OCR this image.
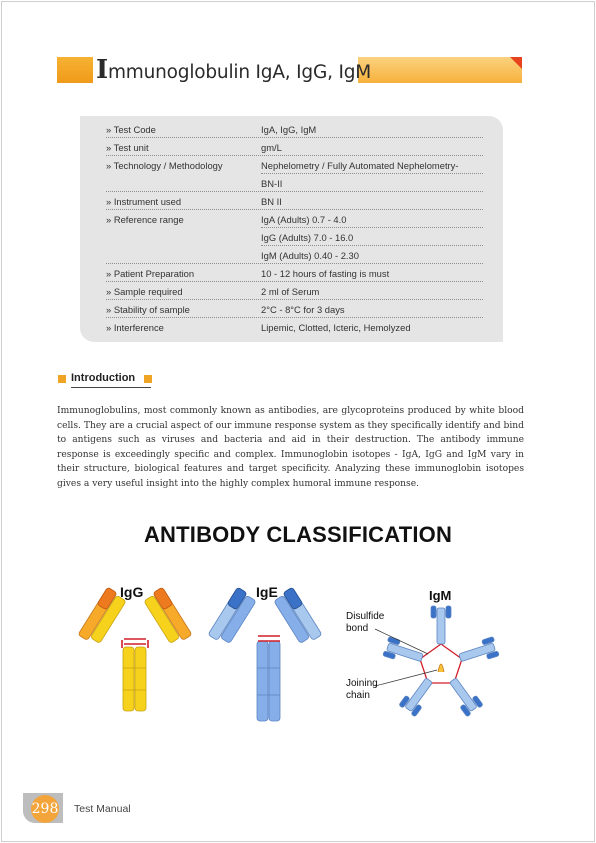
Immunoglobulin IgA, IgG, IgM
» Test Code	IgA, IgG, IgM
» Test unit	gm/L
» Technology / Methodology	Nephelometry / Fully Automated Nephelometry-
BN-II
» Instrument used	BN II
» Reference range	IgA (Adults) 0.7 - 4.0
IgG (Adults) 7.0 - 16.0
IgM (Adults) 0.40 - 2.30
» Patient Preparation	10 - 12 hours of fasting is must
» Sample required	2 ml of Serum
» Stability of sample	2°C - 8°C for 3 days
» Interference	Lipemic, Clotted, Icteric, Hemolyzed
Introduction
Immunoglobulins, most commonly known as antibodies, are glycoproteins produced by white blood cells. They are a crucial aspect of our immune response system as they specifically identify and bind to antigens such as viruses and bacteria and aid in their destruction. The antibody immune response is exceedingly specific and complex. Immunoglobin isotopes - IgA, IgG and IgM vary in their structure, biological features and target specificity. Analyzing these immunoglobin isotopes gives a very useful insight into the highly complex humoral immune response.
ANTIBODY CLASSIFICATION
IgG	IgE	IgM
Disulfide
bond
Joining
chain
298 Test Manual
